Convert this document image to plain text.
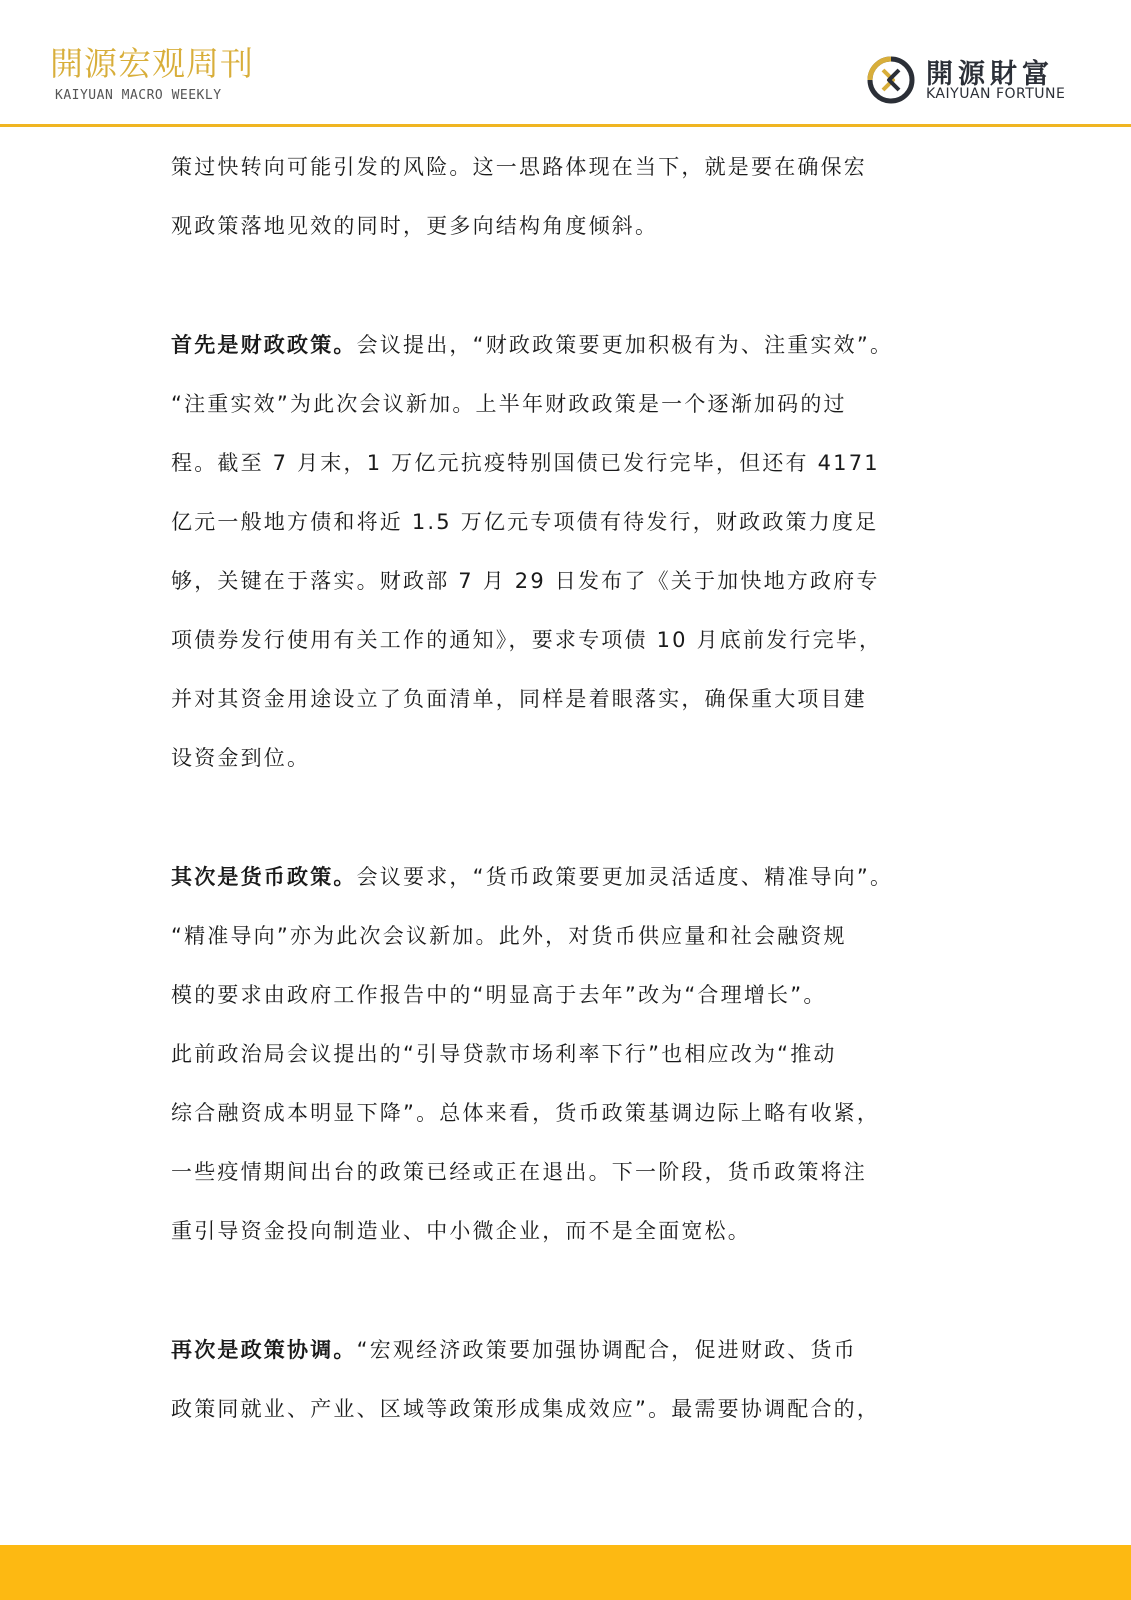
開源宏观周刊
KAIYUAN MACRO WEEKLY
開源財富
KAIYUAN FORTUNE
策过快转向可能引发的风险。这一思路体现在当下，就是要在确保宏
观政策落地见效的同时，更多向结构角度倾斜。
首先是财政政策。会议提出，“财政政策要更加积极有为、注重实效”。
“注重实效”为此次会议新加。上半年财政政策是一个逐渐加码的过
程。截至 7 月末，1 万亿元抗疫特别国债已发行完毕，但还有 4171
亿元一般地方债和将近 1.5 万亿元专项债有待发行，财政政策力度足
够，关键在于落实。财政部 7 月 29 日发布了《关于加快地方政府专
项债券发行使用有关工作的通知》，要求专项债 10 月底前发行完毕，
并对其资金用途设立了负面清单，同样是着眼落实，确保重大项目建
设资金到位。
其次是货币政策。会议要求，“货币政策要更加灵活适度、精准导向”。
“精准导向”亦为此次会议新加。此外，对货币供应量和社会融资规
模的要求由政府工作报告中的“明显高于去年”改为“合理增长”。
此前政治局会议提出的“引导贷款市场利率下行”也相应改为“推动
综合融资成本明显下降”。总体来看，货币政策基调边际上略有收紧，
一些疫情期间出台的政策已经或正在退出。下一阶段，货币政策将注
重引导资金投向制造业、中小微企业，而不是全面宽松。
再次是政策协调。“宏观经济政策要加强协调配合，促进财政、货币
政策同就业、产业、区域等政策形成集成效应”。最需要协调配合的，
